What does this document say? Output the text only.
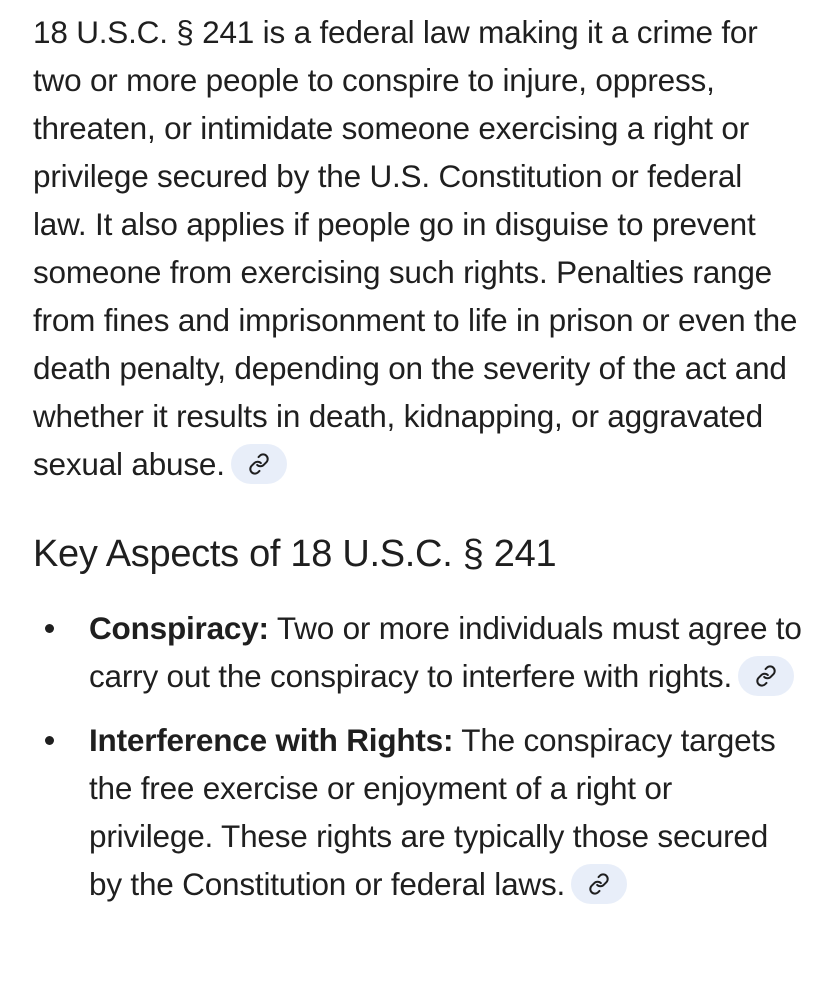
18 U.S.C. § 241 is a federal law making it a crime for two or more people to conspire to injure, oppress, threaten, or intimidate someone exercising a right or privilege secured by the U.S. Constitution or federal law. It also applies if people go in disguise to prevent someone from exercising such rights. Penalties range from fines and imprisonment to life in prison or even the death penalty, depending on the severity of the act and whether it results in death, kidnapping, or aggravated sexual abuse.

Key Aspects of 18 U.S.C. § 241
Conspiracy: Two or more individuals must agree to carry out the conspiracy to interfere with rights.
Interference with Rights: The conspiracy targets the free exercise or enjoyment of a right or privilege. These rights are typically those secured by the Constitution or federal laws.
